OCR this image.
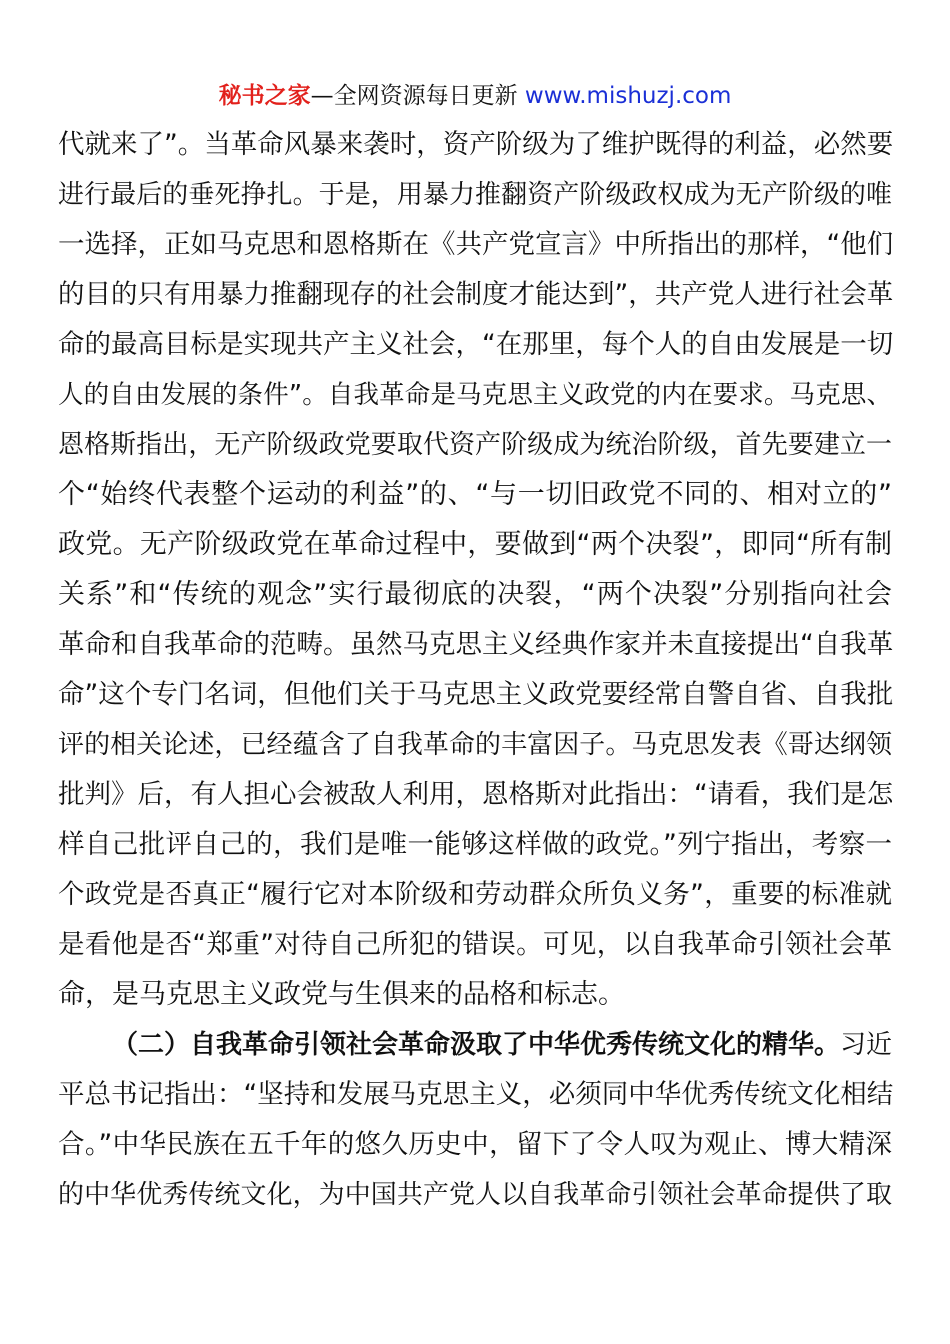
秘书之家—全网资源每日更新 www.mishuzj.com
代就来了”。当革命风暴来袭时，资产阶级为了维护既得的利益，必然要
进行最后的垂死挣扎。于是，用暴力推翻资产阶级政权成为无产阶级的唯
一选择，正如马克思和恩格斯在《共产党宣言》中所指出的那样，“他们
的目的只有用暴力推翻现存的社会制度才能达到”，共产党人进行社会革
命的最高目标是实现共产主义社会，“在那里，每个人的自由发展是一切
人的自由发展的条件”。自我革命是马克思主义政党的内在要求。马克思、
恩格斯指出，无产阶级政党要取代资产阶级成为统治阶级，首先要建立一
个“始终代表整个运动的利益”的、“与一切旧政党不同的、相对立的”
政党。无产阶级政党在革命过程中，要做到“两个决裂”，即同“所有制
关系”和“传统的观念”实行最彻底的决裂，“两个决裂”分别指向社会
革命和自我革命的范畴。虽然马克思主义经典作家并未直接提出“自我革
命”这个专门名词，但他们关于马克思主义政党要经常自警自省、自我批
评的相关论述，已经蕴含了自我革命的丰富因子。马克思发表《哥达纲领
批判》后，有人担心会被敌人利用，恩格斯对此指出：“请看，我们是怎
样自己批评自己的，我们是唯一能够这样做的政党。”列宁指出，考察一
个政党是否真正“履行它对本阶级和劳动群众所负义务”，重要的标准就
是看他是否“郑重”对待自己所犯的错误。可见，以自我革命引领社会革
命，是马克思主义政党与生俱来的品格和标志。
（二）自我革命引领社会革命汲取了中华优秀传统文化的精华。习近
平总书记指出：“坚持和发展马克思主义，必须同中华优秀传统文化相结
合。”中华民族在五千年的悠久历史中，留下了令人叹为观止、博大精深
的中华优秀传统文化，为中国共产党人以自我革命引领社会革命提供了取
